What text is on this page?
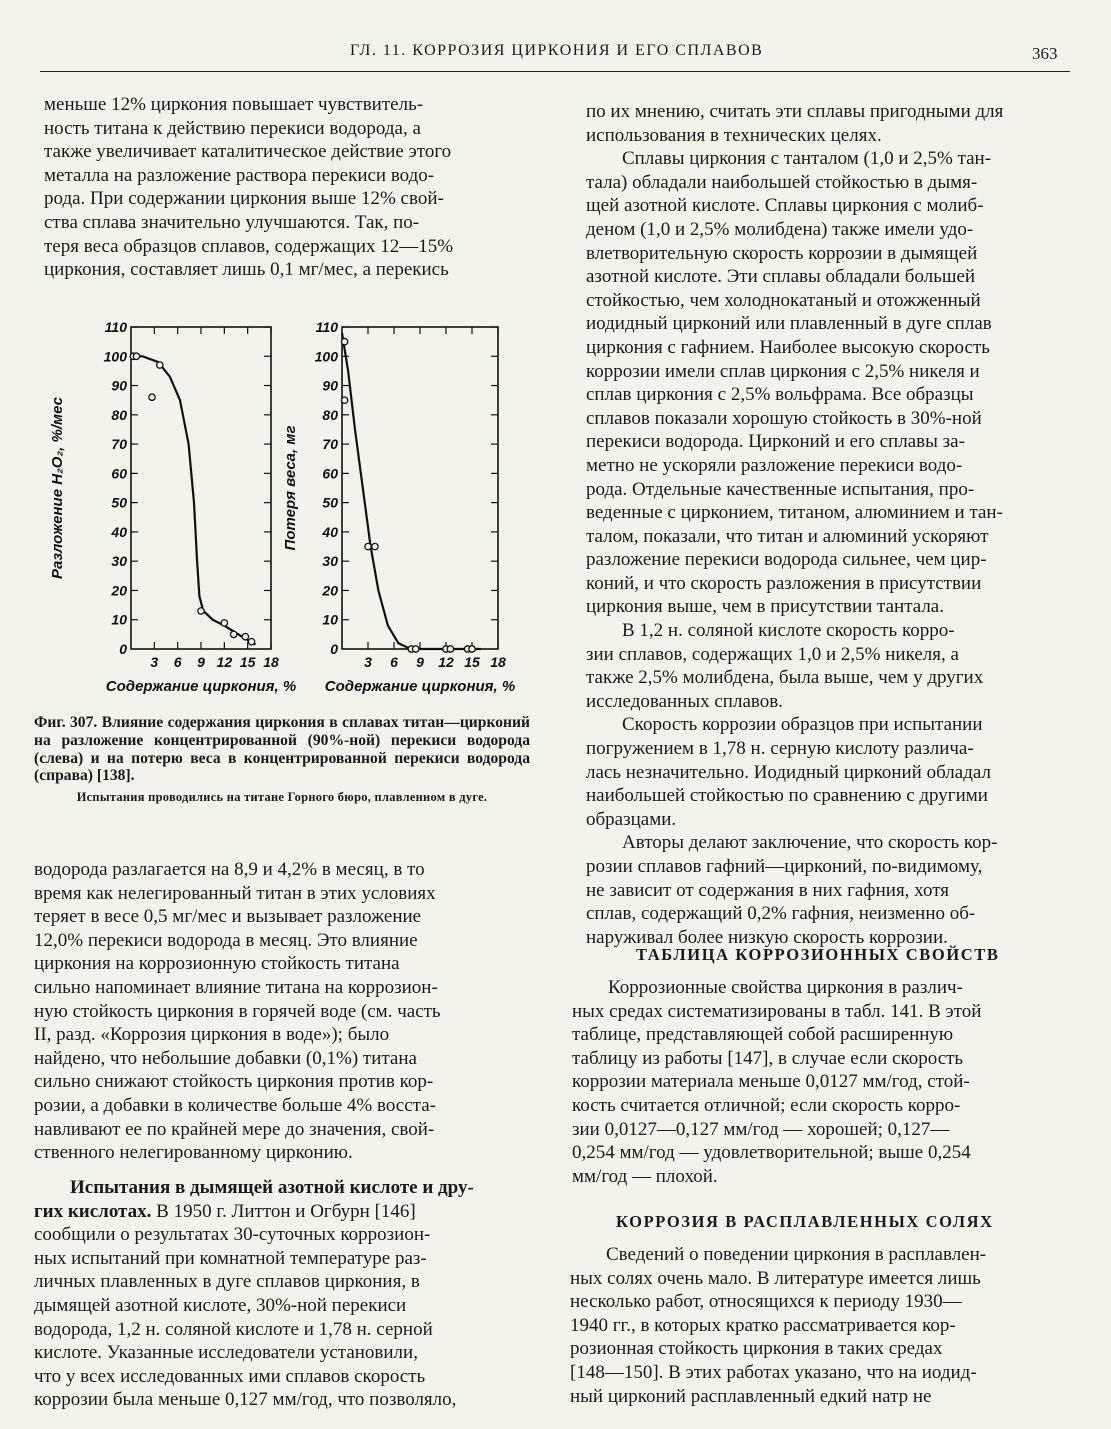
ГЛ. 11. КОРРОЗИЯ ЦИРКОНИЯ И ЕГО СПЛАВОВ	363

меньше 12% циркония повышает чувствитель-

ность титана к действию перекиси водорода, а

также увеличивает каталитическое действие этого

металла на разложение раствора перекиси водо-

рода. При содержании циркония выше 12% свой-

ства сплава значительно улучшаются. Так, по-

теря веса образцов сплавов, содержащих 12—15%

циркония, составляет лишь 0,1 мг/мес, а перекись

0
10
20
30
40
50
60
70
80
90
100
110
3 6 9 12 15 18
Разложение H₂O₂, %/мес
Содержание циркония, %
0
10
20
30
40
50
60
70
80
90
100
110
3 6 9 12 15 18
Потеря веса, мг
Содержание циркония, %
Фиг. 307. Влияние содержания циркония в сплавах титан—цирконий на разложение концентрированной (90%-ной) перекиси водорода (слева) и на потерю веса в концентрированной перекиси водорода (справа) [138].
Испытания проводились на титане Горного бюро, плавленном в дуге.

водорода разлагается на 8,9 и 4,2% в месяц, в то

время как нелегированный титан в этих условиях

теряет в весе 0,5 мг/мес и вызывает разложение

12,0% перекиси водорода в месяц. Это влияние

циркония на коррозионную стойкость титана

сильно напоминает влияние титана на коррозион-

ную стойкость циркония в горячей воде (см. часть

II, разд. «Коррозия циркония в воде»); было

найдено, что небольшие добавки (0,1%) титана

сильно снижают стойкость циркония против кор-

розии, а добавки в количестве больше 4% восста-

навливают ее по крайней мере до значения, свой-

ственного нелегированному цирконию.

Испытания в дымящей азотной кислоте и дру-

гих кислотах. В 1950 г. Литтон и Огбурн [146]

сообщили о результатах 30-суточных коррозион-

ных испытаний при комнатной температуре раз-

личных плавленных в дуге сплавов циркония, в

дымящей азотной кислоте, 30%-ной перекиси

водорода, 1,2 н. соляной кислоте и 1,78 н. серной

кислоте. Указанные исследователи установили,

что у всех исследованных ими сплавов скорость

коррозии была меньше 0,127 мм/год, что позволяло,

по их мнению, считать эти сплавы пригодными для

использования в технических целях.

Сплавы циркония с танталом (1,0 и 2,5% тан-

тала) обладали наибольшей стойкостью в дымя-

щей азотной кислоте. Сплавы циркония с молиб-

деном (1,0 и 2,5% молибдена) также имели удо-

влетворительную скорость коррозии в дымящей

азотной кислоте. Эти сплавы обладали большей

стойкостью, чем холоднокатаный и отожженный

иодидный цирконий или плавленный в дуге сплав

циркония с гафнием. Наиболее высокую скорость

коррозии имели сплав циркония с 2,5% никеля и

сплав циркония с 2,5% вольфрама. Все образцы

сплавов показали хорошую стойкость в 30%-ной

перекиси водорода. Цирконий и его сплавы за-

метно не ускоряли разложение перекиси водо-

рода. Отдельные качественные испытания, про-

веденные с цирконием, титаном, алюминием и тан-

талом, показали, что титан и алюминий ускоряют

разложение перекиси водорода сильнее, чем цир-

коний, и что скорость разложения в присутствии

циркония выше, чем в присутствии тантала.

В 1,2 н. соляной кислоте скорость корро-

зии сплавов, содержащих 1,0 и 2,5% никеля, а

также 2,5% молибдена, была выше, чем у других

исследованных сплавов.

Скорость коррозии образцов при испытании

погружением в 1,78 н. серную кислоту различа-

лась незначительно. Иодидный цирконий обладал

наибольшей стойкостью по сравнению с другими

образцами.

Авторы делают заключение, что скорость кор-

розии сплавов гафний—цирконий, по-видимому,

не зависит от содержания в них гафния, хотя

сплав, содержащий 0,2% гафния, неизменно об-

наруживал более низкую скорость коррозии.

ТАБЛИЦА КОРРОЗИОННЫХ СВОЙСТВ

Коррозионные свойства циркония в различ-

ных средах систематизированы в табл. 141. В этой

таблице, представляющей собой расширенную

таблицу из работы [147], в случае если скорость

коррозии материала меньше 0,0127 мм/год, стой-

кость считается отличной; если скорость корро-

зии 0,0127—0,127 мм/год — хорошей; 0,127—

0,254 мм/год — удовлетворительной; выше 0,254

мм/год — плохой.

КОРРОЗИЯ В РАСПЛАВЛЕННЫХ СОЛЯХ

Сведений о поведении циркония в расплавлен-

ных солях очень мало. В литературе имеется лишь

несколько работ, относящихся к периоду 1930—

1940 гг., в которых кратко рассматривается кор-

розионная стойкость циркония в таких средах

[148—150]. В этих работах указано, что на иодид-

ный цирконий расплавленный едкий натр не
